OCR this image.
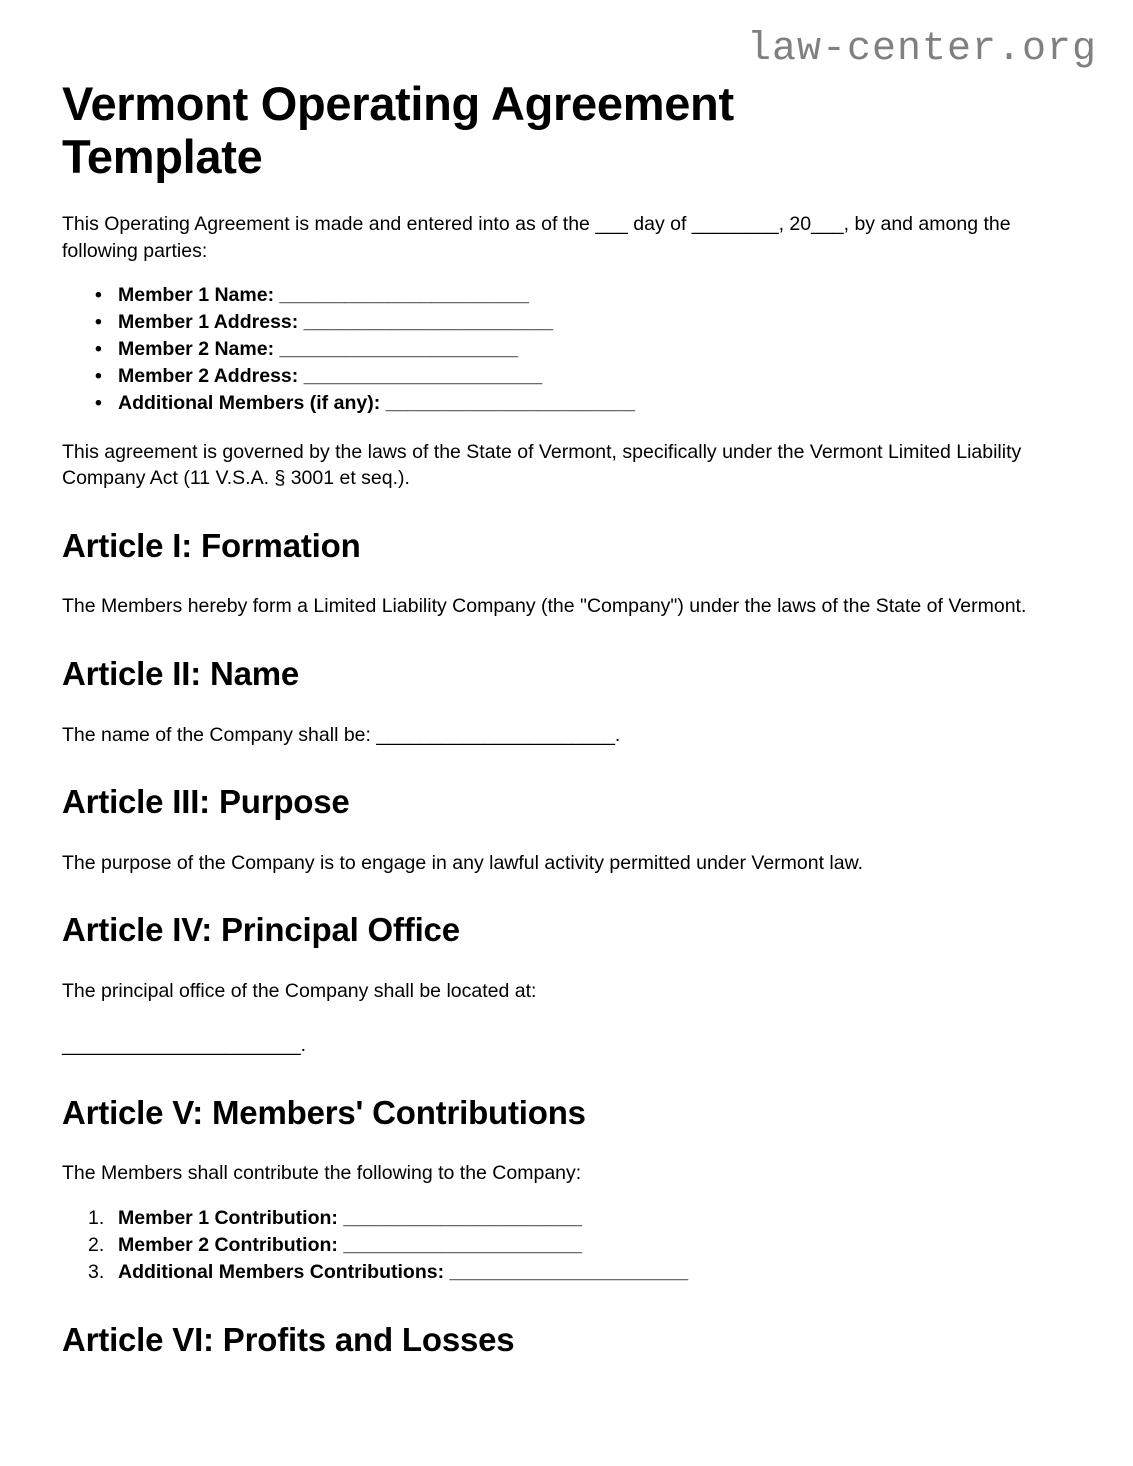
law-center.org
Vermont Operating Agreement Template

This Operating Agreement is made and entered into as of the ___ day of ________, 20___, by and among the following parties:

• Member 1 Name: _______________________
• Member 1 Address: _______________________
• Member 2 Name: ______________________
• Member 2 Address: ______________________
• Additional Members (if any): _______________________

This agreement is governed by the laws of the State of Vermont, specifically under the Vermont Limited Liability Company Act (11 V.S.A. § 3001 et seq.).

Article I: Formation

The Members hereby form a Limited Liability Company (the "Company") under the laws of the State of Vermont.

Article II: Name

The name of the Company shall be: ______________________.

Article III: Purpose

The purpose of the Company is to engage in any lawful activity permitted under Vermont law.

Article IV: Principal Office

The principal office of the Company shall be located at:

______________________.

Article V: Members' Contributions

The Members shall contribute the following to the Company:

Member 1 Contribution: ______________________
Member 2 Contribution: ______________________
Additional Members Contributions: ______________________
Article VI: Profits and Losses
